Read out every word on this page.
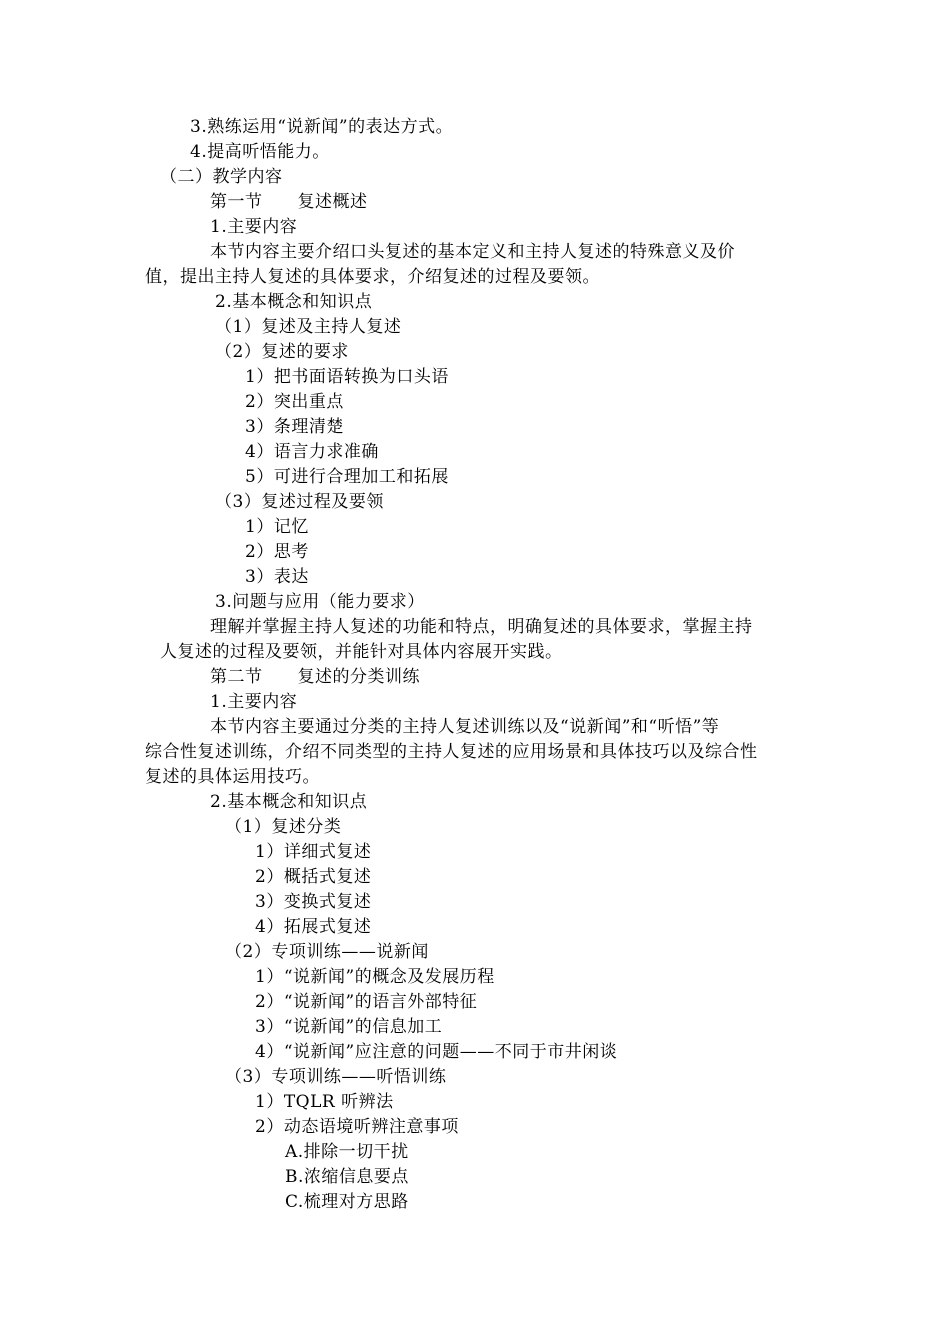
3.熟练运用“说新闻”的表达方式。
4.提高听悟能力。
（二）教学内容
第一节　　复述概述
1.主要内容
本节内容主要介绍口头复述的基本定义和主持人复述的特殊意义及价
值，提出主持人复述的具体要求，介绍复述的过程及要领。
2.基本概念和知识点
（1）复述及主持人复述
（2）复述的要求
1）把书面语转换为口头语
2）突出重点
3）条理清楚
4）语言力求准确
5）可进行合理加工和拓展
（3）复述过程及要领
1）记忆
2）思考
3）表达
3.问题与应用（能力要求）
理解并掌握主持人复述的功能和特点，明确复述的具体要求，掌握主持
人复述的过程及要领，并能针对具体内容展开实践。
第二节　　复述的分类训练
1.主要内容
本节内容主要通过分类的主持人复述训练以及“说新闻”和“听悟”等
综合性复述训练，介绍不同类型的主持人复述的应用场景和具体技巧以及综合性
复述的具体运用技巧。
2.基本概念和知识点
（1）复述分类
1）详细式复述
2）概括式复述
3）变换式复述
4）拓展式复述
（2）专项训练——说新闻
1）“说新闻”的概念及发展历程
2）“说新闻”的语言外部特征
3）“说新闻”的信息加工
4）“说新闻”应注意的问题——不同于市井闲谈
（3）专项训练——听悟训练
1）TQLR 听辨法
2）动态语境听辨注意事项
A.排除一切干扰
B.浓缩信息要点
C.梳理对方思路
